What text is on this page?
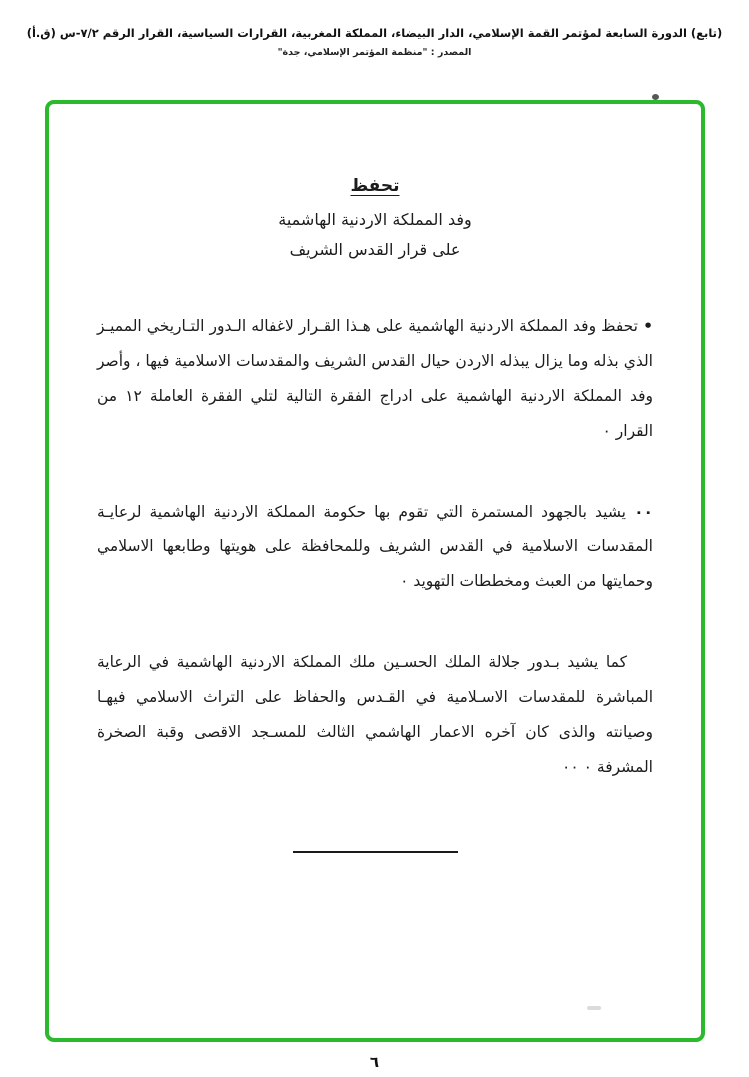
(تابع) الدورة السابعة لمؤتمر القمة الإسلامي، الدار البيضاء، المملكة المغربية، القرارات السياسية، القرار الرقم ٧/٢-س (ق.أ)
المصدر : "منظمة المؤتمر الإسلامي، جدة"
تحفظ
وفد المملكة الاردنية الهاشمية
على قرار القدس الشريف
• تحفظ وفد المملكة الاردنية الهاشمية على هـذا القـرار لاغفاله الـدور التـاريخي المميـز الذي بذله وما يزال يبذله الاردن حيال القدس الشريف والمقدسات الاسلامية فيها ، وأصر وفد المملكة الاردنية الهاشمية على ادراج الفقرة التالية لتلي الفقرة العاملة ١٢ من القرار ٠
٠٠ يشيد بالجهود المستمرة التي تقوم بها حكومة المملكة الاردنية الهاشمية لرعايـة المقدسات الاسلامية في القدس الشريف وللمحافظة على هويتها وطابعها الاسلامي وحمايتها من العبث ومخططات التهويد ٠
كما يشيد بـدور جلالة الملك الحسـين ملك المملكة الاردنية الهاشمية في الرعاية المباشرة للمقدسات الاسـلامية في القـدس والحفاظ على التراث الاسلامي فيهـا وصيانته والذى كان آخره الاعمار الهاشمي الثالث للمسـجد الاقصى وقبة الصخرة المشرفة ٠ ٠٠
٦
